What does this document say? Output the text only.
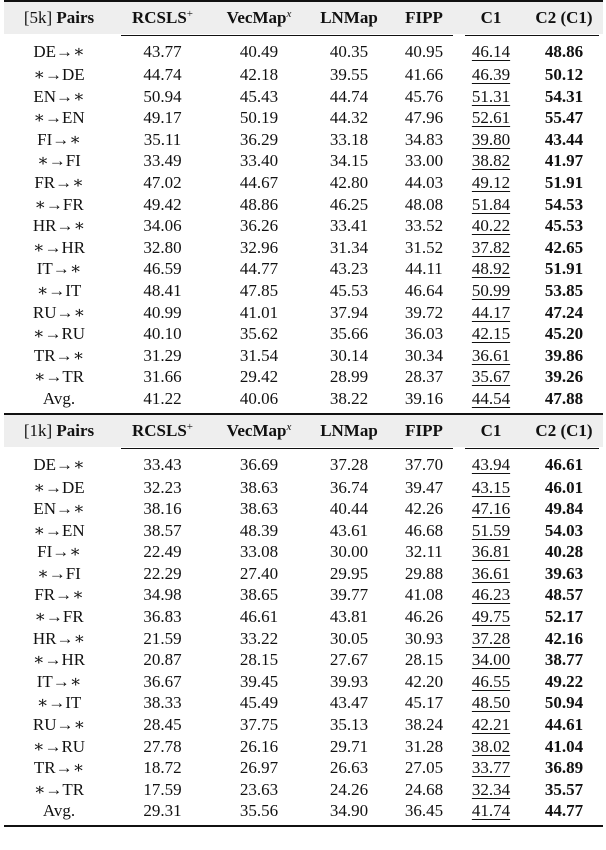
[5k] Pairs	RCSLS+	VecMap$^x$	LNMap	FIPP	C1	C2 (C1)

DE→∗	43.77	40.49	40.35	40.95	46.14	48.86
∗→DE	44.74	42.18	39.55	41.66	46.39	50.12
EN→∗	50.94	45.43	44.74	45.76	51.31	54.31
∗→EN	49.17	50.19	44.32	47.96	52.61	55.47
FI→∗	35.11	36.29	33.18	34.83	39.80	43.44
∗→FI	33.49	33.40	34.15	33.00	38.82	41.97
FR→∗	47.02	44.67	42.80	44.03	49.12	51.91
∗→FR	49.42	48.86	46.25	48.08	51.84	54.53
HR→∗	34.06	36.26	33.41	33.52	40.22	45.53
∗→HR	32.80	32.96	31.34	31.52	37.82	42.65
IT→∗	46.59	44.77	43.23	44.11	48.92	51.91
∗→IT	48.41	47.85	45.53	46.64	50.99	53.85
RU→∗	40.99	41.01	37.94	39.72	44.17	47.24
∗→RU	40.10	35.62	35.66	36.03	42.15	45.20
TR→∗	31.29	31.54	30.14	30.34	36.61	39.86
∗→TR	31.66	29.42	28.99	28.37	35.67	39.26
Avg.	41.22	40.06	38.22	39.16	44.54	47.88
[1k] Pairs	RCSLS+	VecMap$^x$	LNMap	FIPP	C1	C2 (C1)

DE→∗	33.43	36.69	37.28	37.70	43.94	46.61
∗→DE	32.23	38.63	36.74	39.47	43.15	46.01
EN→∗	38.16	38.63	40.44	42.26	47.16	49.84
∗→EN	38.57	48.39	43.61	46.68	51.59	54.03
FI→∗	22.49	33.08	30.00	32.11	36.81	40.28
∗→FI	22.29	27.40	29.95	29.88	36.61	39.63
FR→∗	34.98	38.65	39.77	41.08	46.23	48.57
∗→FR	36.83	46.61	43.81	46.26	49.75	52.17
HR→∗	21.59	33.22	30.05	30.93	37.28	42.16
∗→HR	20.87	28.15	27.67	28.15	34.00	38.77
IT→∗	36.67	39.45	39.93	42.20	46.55	49.22
∗→IT	38.33	45.49	43.47	45.17	48.50	50.94
RU→∗	28.45	37.75	35.13	38.24	42.21	44.61
∗→RU	27.78	26.16	29.71	31.28	38.02	41.04
TR→∗	18.72	26.97	26.63	27.05	33.77	36.89
∗→TR	17.59	23.63	24.26	24.68	32.34	35.57
Avg.	29.31	35.56	34.90	36.45	41.74	44.77
